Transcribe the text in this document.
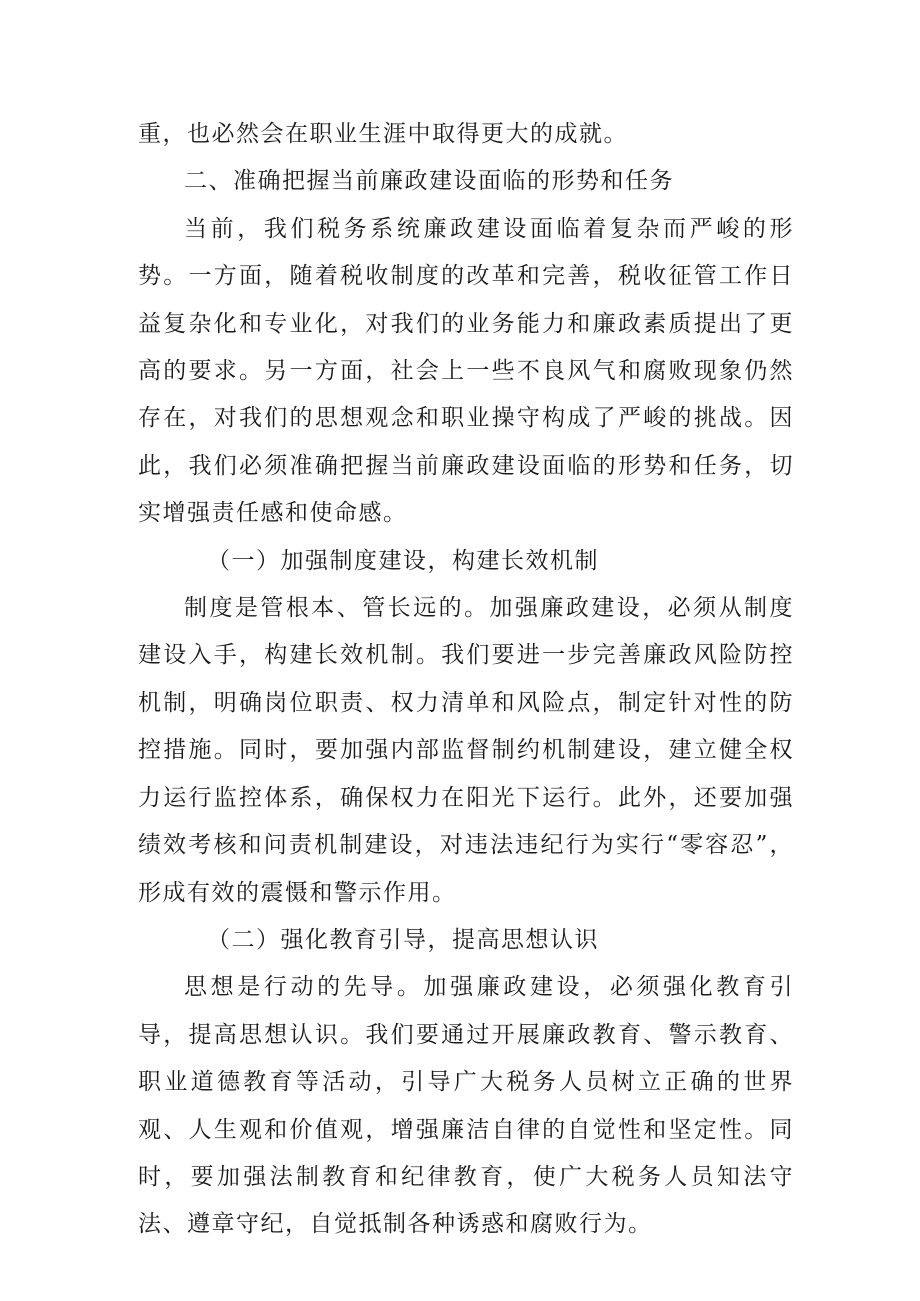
重，也必然会在职业生涯中取得更大的成就。

二、准确把握当前廉政建设面临的形势和任务

当前，我们税务系统廉政建设面临着复杂而严峻的形势。一方面，随着税收制度的改革和完善，税收征管工作日益复杂化和专业化，对我们的业务能力和廉政素质提出了更高的要求。另一方面，社会上一些不良风气和腐败现象仍然存在，对我们的思想观念和职业操守构成了严峻的挑战。因此，我们必须准确把握当前廉政建设面临的形势和任务，切实增强责任感和使命感。

（一）加强制度建设，构建长效机制

制度是管根本、管长远的。加强廉政建设，必须从制度建设入手，构建长效机制。我们要进一步完善廉政风险防控机制，明确岗位职责、权力清单和风险点，制定针对性的防控措施。同时，要加强内部监督制约机制建设，建立健全权力运行监控体系，确保权力在阳光下运行。此外，还要加强绩效考核和问责机制建设，对违法违纪行为实行“零容忍”，形成有效的震慑和警示作用。

（二）强化教育引导，提高思想认识

思想是行动的先导。加强廉政建设，必须强化教育引导，提高思想认识。我们要通过开展廉政教育、警示教育、职业道德教育等活动，引导广大税务人员树立正确的世界观、人生观和价值观，增强廉洁自律的自觉性和坚定性。同时，要加强法制教育和纪律教育，使广大税务人员知法守法、遵章守纪，自觉抵制各种诱惑和腐败行为。
